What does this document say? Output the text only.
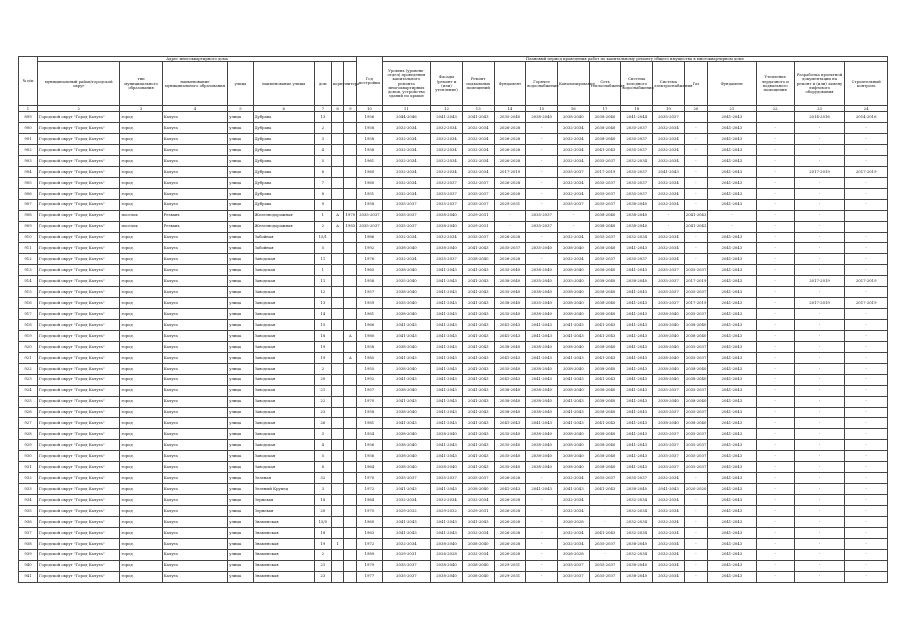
№ п/п	Адрес многоквартирного дома								Год постройки	Плановый период проведения работ по капитальному ремонту общего имущества в многоквартирном доме													
	муниципальный район/городской округ	тип муниципального образования	наименование муниципального образования	улица	наименование улицы	дом	корпус	литера		Уровень (уровень-отдел) проведения капитального ремонта многоквартирных домов, устройства зданий по крыше	Фасады (ремонт и (или) утепление)	Ремонт подвальных помещений	Фундамент	Горячее водоснабжение	Канализирование	Сеть теплоснабжения	Система холодного водоснабжения	Система электроснабжения	Газ	Фундамент	Утепление чердачного и подвального помещения	Разработка проектной документации на ремонт и (или) замену лифтового оборудования	Строительный контроль
1	2	3	4	5	6	7	8	9	10	11	12	13	14	15	16	17	18	19	20	21	22	23	24
899	Городской округ "Город Калуга"	город	Калуга	улица	Дубрава	13			1956	2044-2046	2041-2043	2041-2043	2035-2040	2038-2040	2038-2040	2038-2040	2041-2044	2035-2037		2041-2043		2014-2016	2014-2016
900	Городской округ "Город Калуга"	город	Калуга	улица	Дубрава	2			1958	2032-2034	2032-2034	2032-2034	2026-2028	-	2032-2034	2038-2040	2035-2037	2032-2034	-	2041-2043	-	-	-
901	Городской округ "Город Калуга"	город	Калуга	улица	Дубрава	3			1958	2032-2034	2032-2034	2032-2034	2026-2028	-	2032-2034	2038-2040	2035-2037	2032-2034	-	2041-2043	-	-	-
902	Городской округ "Город Калуга"	город	Калуга	улица	Дубрава	4			1958	2032-2034	2032-2034	2032-2034	2026-2028	-	2032-2034	2041-2043	2035-2037	2032-2034	-	2041-2043	-	-	-
903	Городской округ "Город Калуга"	город	Калуга	улица	Дубрава	5			1961	2032-2034	2032-2034	2032-2034	2026-2028	-	2032-2034	2035-2037	2032-2034	2032-2034	-	2041-2043	-	-	-
904	Городской округ "Город Калуга"	город	Калуга	улица	Дубрава	6			1960	2032-2034	2032-2034	2032-2034	2017-2019	-	2035-2037	2017-2019	2035-2037	2041-2043	-	2041-2043	-	2017-2019	2017-2019
905	Городской округ "Город Калуга"	город	Калуга	улица	Дубрава	7			1960	2032-2034	2032-2037	2032-2037	2026-2028	-	2032-2034	2035-2037	2035-2037	2032-2034	-	2041-2043	-	-	-
906	Городской округ "Город Калуга"	город	Калуга	улица	Дубрава	8			1951	2032-2034	2035-2037	2035-2037	2026-2028	-	2032-2034	2035-2037	2035-2037	2032-2034	-	2041-2043	-	-	-
907	Городской округ "Город Калуга"	город	Калуга	улица	Дубрава	9			1958	2035-2037	2035-2037	2035-2037	2029-2031	-	2035-2037	2035-2037	2038-2040	2032-2034	-	2041-2043	-	-	-
908	Городской округ "Город Калуга"	поселок	Резвань	улица	Железнодорожная	1	А	1970	2035-2037	2035-2037	2038-2040	2029-2031	-	2035-2037	-	2038-2040	2038-2040	-	2041-2043	-	-	-	
909	Городской округ "Город Калуга"	поселок	Резвань	улица	Железнодорожная	2	А	1983	2035-2037	2035-2037	2038-2040	2029-2031	-	2035-2037	-	2038-2040	2038-2040	-	2041-2043	-	-	-	
910	Городской округ "Город Калуга"	город	Калуга	улица	Забойная	15/1			1986	2032-2034	2032-2034	2035-2037	2026-2028	-	2032-2034	2035-2037	2032-2034	2032-2034	-	2041-2043	-	-	-
911	Городской округ "Город Калуга"	город	Калуга	улица	Забойная	5			1992	2038-2040	2038-2040	2041-2043	2035-2037	2035-2040	2038-2040	2038-2040	2041-2043	2032-2034	-	2041-2043	-	-	-
912	Городской округ "Город Калуга"	город	Калуга	улица	Заводская	11			1976	2032-2034	2035-2037	2038-2040	2026-2028	-	2032-2034	2035-2037	2035-2037	2032-2034	-	2041-2043	-	-	-
913	Городской округ "Город Калуга"	город	Калуга	улица	Заводская	1			1965	2038-2040	2041-2043	2041-2043	2035-2040	2038-2040	2038-2040	2038-2040	2041-2043	2035-2037	2035-2037	2041-2043	-	-	-
914	Городской округ "Город Калуга"	город	Калуга	улица	Заводская	11			1958	2035-2040	2041-2043	2041-2043	2038-2040	2035-2040	2035-2040	2038-2040	2038-2040	2035-2037	2017-2019	2041-2043	-	2017-2019	2017-2019
915	Городской округ "Город Калуга"	город	Калуга	улица	Заводская	12			1957	2038-2040	2041-2043	2041-2043	2035-2040	2038-2040	2038-2040	2038-2040	2041-2043	2035-2037	2035-2037	2041-2043	-	-	-
916	Городской округ "Город Калуга"	город	Калуга	улица	Заводская	13			1959	2035-2040	2041-2043	2041-2043	2038-2040	2035-2040	2038-2040	2038-2040	2041-2043	2035-2037	2017-2019	2041-2043	-	2017-2019	2017-2019
917	Городской округ "Город Калуга"	город	Калуга	улица	Заводская	14			1961	2038-2040	2041-2043	2041-2043	2035-2040	2038-2040	2038-2040	2038-2040	2041-2043	2038-2040	2035-2037	2041-2043	-	-	-
918	Городской округ "Город Калуга"	город	Калуга	улица	Заводская	15			1966	2041-2043	2041-2043	2041-2043	2041-2043	2041-2043	2041-2043	2041-2043	2041-2043	2038-2040	2038-2040	2041-2043	-	-	-
919	Городской округ "Город Калуга"	город	Калуга	улица	Заводская	18		А	1980	2041-2043	2041-2043	2041-2043	2041-2043	2041-2043	2041-2043	2041-2043	2041-2043	2038-2040	2038-2040	2041-2043	-	-	-
920	Городской округ "Город Калуга"	город	Калуга	улица	Заводская	19			1958	2038-2040	2041-2043	2041-2043	2038-2040	2038-2040	2038-2040	2038-2040	2041-2043	2038-2040	2035-2037	2041-2043	-	-	-
921	Городской округ "Город Калуга"	город	Калуга	улица	Заводская	19		А	1985	2041-2043	2041-2043	2041-2043	2041-2043	2041-2043	2041-2043	2041-2043	2041-2043	2038-2040	2035-2037	2041-2043	-	-	-
922	Городской округ "Город Калуга"	город	Калуга	улица	Заводская	2			1955	2038-2040	2041-2043	2041-2043	2035-2040	2038-2040	2038-2040	2038-2040	2041-2043	2038-2040	2038-2040	2041-2043	-	-	-
923	Городской округ "Город Калуга"	город	Калуга	улица	Заводская	20			1992	2041-2043	2041-2043	2041-2043	2041-2043	2041-2043	2041-2043	2041-2043	2041-2043	2038-2040	2038-2040	2041-2043	-	-	-
924	Городской округ "Город Калуга"	город	Калуга	улица	Заводская	21			1957	2038-2040	2041-2043	2041-2043	2038-2040	2038-2040	2038-2040	2038-2040	2041-2043	2035-2037	2035-2037	2041-2043	-	-	-
925	Городской округ "Город Калуга"	город	Калуга	улица	Заводская	22			1970	2041-2043	2041-2043	2041-2043	2038-2040	2038-2040	2041-2043	2038-2040	2041-2043	2038-2040	2038-2040	2041-2043	-	-	-
926	Городской округ "Город Калуга"	город	Калуга	улица	Заводская	23			1958	2038-2040	2041-2043	2041-2043	2038-2040	2038-2040	2041-2043	2038-2040	2041-2043	2035-2037	2035-2037	2041-2043	-	-	-
927	Городской округ "Город Калуга"	город	Калуга	улица	Заводская	26			1981	2041-2043	2041-2043	2041-2043	2041-2043	2041-2043	2041-2043	2041-2043	2041-2043	2038-2040	2038-2040	2041-2043	-	-	-
928	Городской округ "Город Калуга"	город	Калуга	улица	Заводская	3			1954	2038-2040	2038-2040	2041-2043	2035-2040	2038-2040	2038-2040	2038-2040	2041-2043	2035-2037	2035-2037	2041-2043	-	-	-
929	Городской округ "Город Калуга"	город	Калуга	улица	Заводская	4			1956	2038-2040	2041-2043	2041-2043	2035-2040	2038-2040	2038-2040	2038-2040	2041-2043	2035-2037	2035-2037	2041-2043	-	-	-
930	Городской округ "Город Калуга"	город	Калуга	улица	Заводская	5			1956	2038-2040	2041-2043	2041-2043	2035-2040	2038-2040	2038-2040	2038-2040	2041-2043	2035-2037	2035-2037	2041-2043	-	-	-
931	Городской округ "Город Калуга"	город	Калуга	улица	Заводская	8			1964	2038-2040	2038-2040	2041-2043	2035-2040	2038-2040	2038-2040	2038-2040	2041-2043	2035-2037	2035-2037	2041-2043	-	-	-
932	Городской округ "Город Калуга"	город	Калуга	улица	Зеленая	32			1970	2035-2037	2035-2037	2035-2037	2026-2028	-	2032-2034	2035-2037	2035-2037	2032-2034	-	2041-2043	-	-	-
933	Городской округ "Город Калуга"	город	Калуга	улица	Зеленый Крупец	3			1972	2041-2043	2041-2043	2038-2040	2041-2043	2041-2043	2041-2043	2041-2043	2038-2040	2041-2043	2020-2020	2041-2043	-	-	-
934	Городской округ "Город Калуга"	город	Калуга	улица	Зерновая	18			1964	2032-2034	2032-2034	2032-2034	2026-2028	-	2032-2034	-	2032-2034	2032-2034	-	2041-2043	-	-	-
935	Городской округ "Город Калуга"	город	Калуга	улица	Зерновая	20			1975	2029-2032	2029-2032	2029-2031	2026-2028	-	2032-2034	-	2032-2034	2032-2034	-	2041-2043	-	-	-
936	Городской округ "Город Калуга"	город	Калуга	улица	Знаменская	15/5			1960	2041-2043	2041-2043	2041-2043	2026-2028	-	2026-2028	-	2032-2034	2032-2034	-	2041-2043	-	-	-
937	Городской округ "Город Калуга"	город	Калуга	улица	Знаменская	18			1963	2041-2043	2041-2043	2032-2034	2026-2028	-	2032-2034	2041-2043	2032-2034	2032-2034	-	2041-2043	-	-	-
938	Городской округ "Город Калуга"	город	Калуга	улица	Знаменская	19	1		1972	2032-2034	2038-2040	2038-2040	2026-2028	-	2032-2034	2035-2037	2038-2040	2032-2034	-	2041-2043	-	-	-
939	Городской округ "Город Калуга"	город	Калуга	улица	Знаменская	2			1989	2029-2031	2026-2028	2032-2034	2026-2028	-	2026-2028	-	2032-2034	2032-2034	-	2041-2043	-	-	-
940	Городской округ "Город Калуга"	город	Калуга	улица	Знаменская	21			1979	2035-2037	2038-2040	2038-2040	2029-2031	-	2035-2037	2035-2037	2038-2040	2032-2034	-	2041-2043	-	-	-
941	Городской округ "Город Калуга"	город	Калуга	улица	Знаменская	23			1977	2035-2037	2038-2040	2038-2040	2029-2031	-	2035-2037	2035-2037	2038-2040	2032-2034	-	2041-2043	-	-	-
